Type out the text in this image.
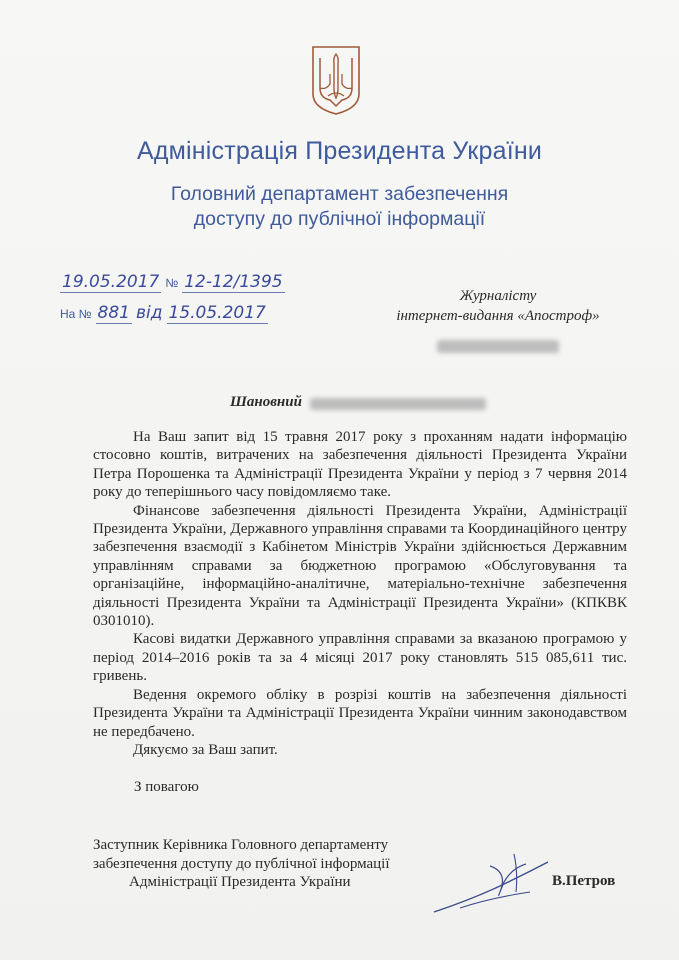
Адміністрація Президента України
Головний департамент забезпечення
доступу до публічної інформації
19.05.2017 № 12-12/1395
На № 881 від 15.05.2017
Журналісту
інтернет-видання «Апостроф»
Шановний

На Ваш запит від 15 травня 2017 року з проханням надати інформацію стосовно коштів, витрачених на забезпечення діяльності Президента України Петра Порошенка та Адміністрації Президента України у період з 7 червня 2014 року до теперішнього часу повідомляємо таке.

Фінансове забезпечення діяльності Президента України, Адміністрації Президента України, Державного управління справами та Координаційного центру забезпечення взаємодії з Кабінетом Міністрів України здійснюється Державним управлінням справами за бюджетною програмою «Обслуговування та організаційне, інформаційно-аналітичне, матеріально-технічне забезпечення діяльності Президента України та Адміністрації Президента України» (КПКВК 0301010).

Касові видатки Державного управління справами за вказаною програмою у період 2014–2016 років та за 4 місяці 2017 року становлять 515 085,611 тис. гривень.

Ведення окремого обліку в розрізі коштів на забезпечення діяльності Президента України та Адміністрації Президента України чинним законодавством не передбачено.

Дякуємо за Ваш запит.

З повагою
Заступник Керівника Головного департаменту
забезпечення доступу до публічної інформації
Адміністрації Президента України	В.Петров
